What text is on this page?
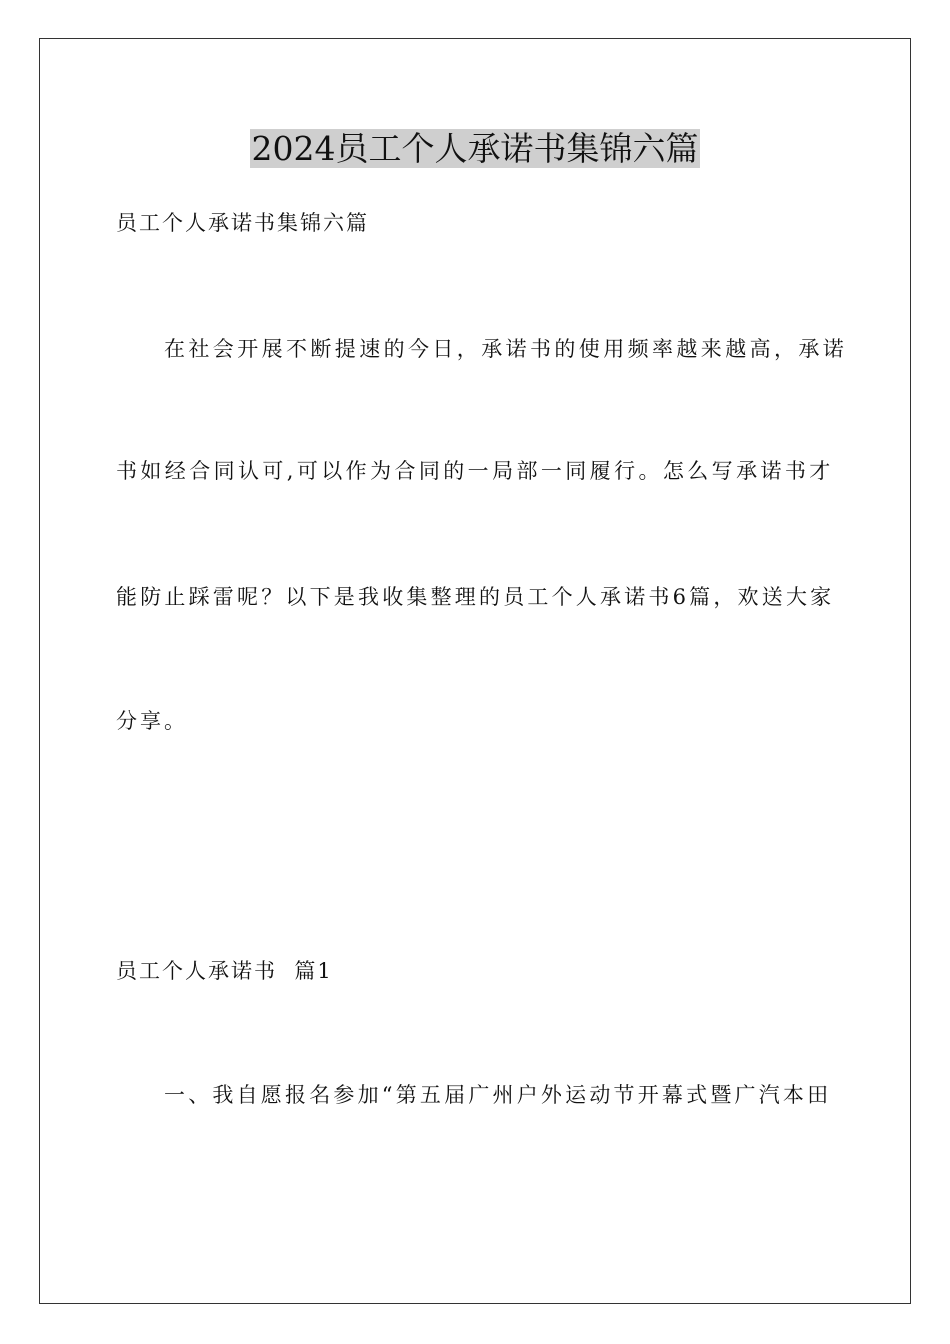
2024员工个人承诺书集锦六篇

员工个人承诺书集锦六篇

在社会开展不断提速的今日，承诺书的使用频率越来越高，承诺

书如经合同认可,可以作为合同的一局部一同履行。怎么写承诺书才

能防止踩雷呢？以下是我收集整理的员工个人承诺书6篇，欢送大家

分享。

员工个人承诺书  篇1

一、我自愿报名参加“第五届广州户外运动节开幕式暨广汽本田
